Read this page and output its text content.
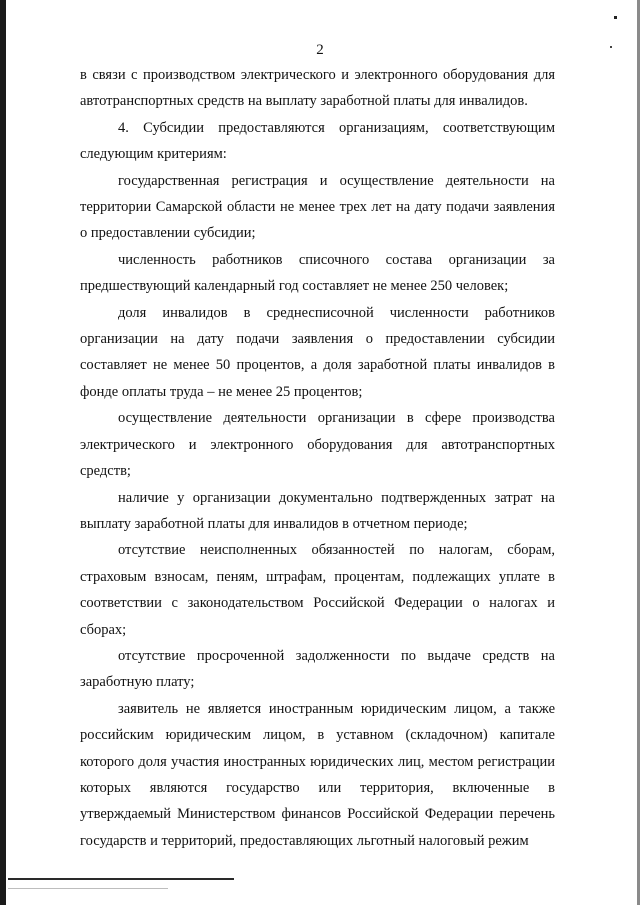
2

в связи с производством электрического и электронного оборудования для автотранспортных средств на выплату заработной платы для инвалидов.

4. Субсидии предоставляются организациям, соответствующим следующим критериям:

государственная регистрация и осуществление деятельности на территории Самарской области не менее трех лет на дату подачи заявления о предоставлении субсидии;

численность работников списочного состава организации за предшествующий календарный год составляет не менее 250 человек;

доля инвалидов в среднесписочной численности работников организации на дату подачи заявления о предоставлении субсидии составляет не менее 50 процентов, а доля заработной платы инвалидов в фонде оплаты труда – не менее 25 процентов;

осуществление деятельности организации в сфере производства электрического и электронного оборудования для автотранспортных средств;

наличие у организации документально подтвержденных затрат на выплату заработной платы для инвалидов в отчетном периоде;

отсутствие неисполненных обязанностей по налогам, сборам, страховым взносам, пеням, штрафам, процентам, подлежащих уплате в соответствии с законодательством Российской Федерации о налогах и сборах;

отсутствие просроченной задолженности по выдаче средств на заработную плату;

заявитель не является иностранным юридическим лицом, а также российским юридическим лицом, в уставном (складочном) капитале которого доля участия иностранных юридических лиц, местом регистрации которых являются государство или территория, включенные в утверждаемый Министерством финансов Российской Федерации перечень государств и территорий, предоставляющих льготный налоговый режим
